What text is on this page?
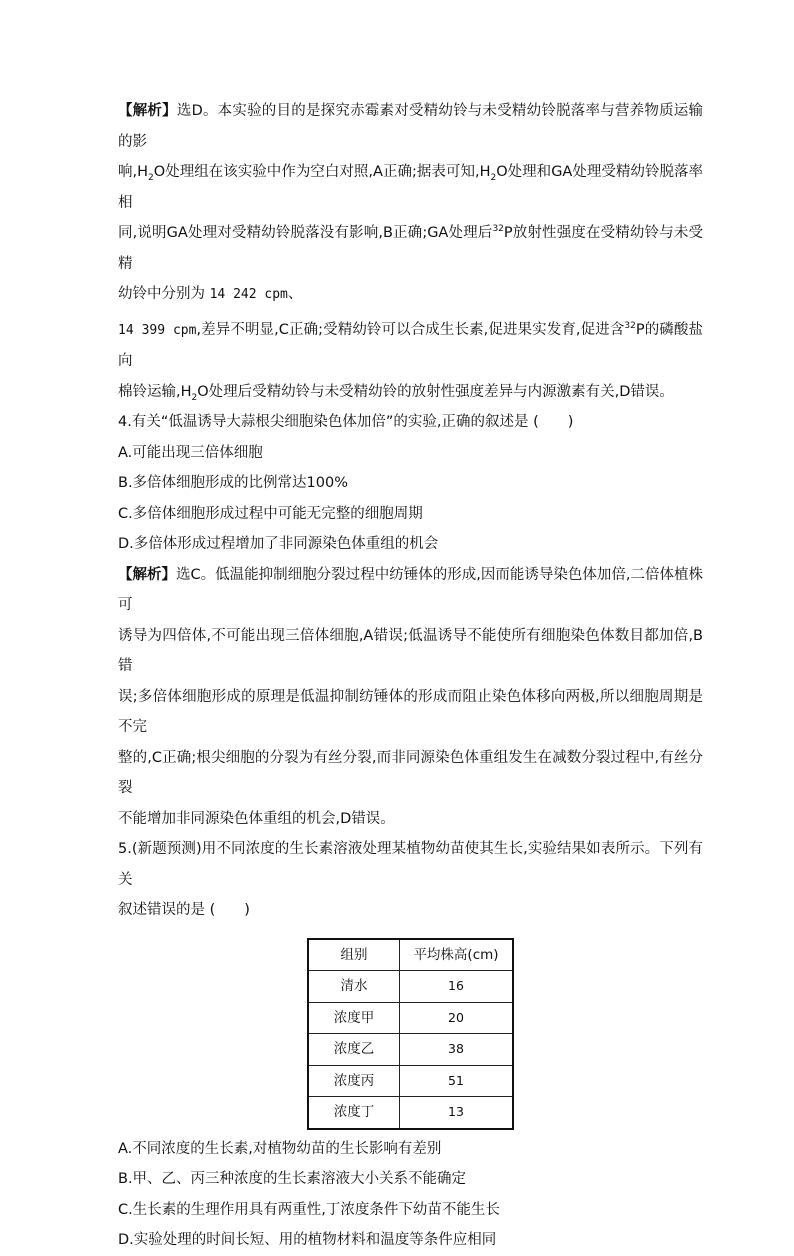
【解析】选D。本实验的目的是探究赤霉素对受精幼铃与未受精幼铃脱落率与营养物质运输的影

响$,H_2O$处理组在该实验中作为空白对照,A正确;据表可知$,H_2O$处理和GA处理受精幼铃脱落率相

同,说明GA处理对受精幼铃脱落没有影响,B正确;GA处理后$^{32}$P放射性强度在受精幼铃与未受精

幼铃中分别为 14 242 cpm、

14 399 cpm,差异不明显,C正确;受精幼铃可以合成生长素,促进果实发育,促进含$^{32}$P的磷酸盐向

棉铃运输$,H_2O$处理后受精幼铃与未受精幼铃的放射性强度差异与内源激素有关,D错误。

4.有关“低温诱导大蒜根尖细胞染色体加倍”的实验,正确的叙述是 (　　)

A.可能出现三倍体细胞

B.多倍体细胞形成的比例常达100%

C.多倍体细胞形成过程中可能无完整的细胞周期

D.多倍体形成过程增加了非同源染色体重组的机会

【解析】选C。低温能抑制细胞分裂过程中纺锤体的形成,因而能诱导染色体加倍,二倍体植株可

诱导为四倍体,不可能出现三倍体细胞,A错误;低温诱导不能使所有细胞染色体数目都加倍,B错

误;多倍体细胞形成的原理是低温抑制纺锤体的形成而阻止染色体移向两极,所以细胞周期是不完

整的,C正确;根尖细胞的分裂为有丝分裂,而非同源染色体重组发生在减数分裂过程中,有丝分裂

不能增加非同源染色体重组的机会,D错误。

5.(新题预测)用不同浓度的生长素溶液处理某植物幼苗使其生长,实验结果如表所示。下列有关

叙述错误的是 (　　)

组别	平均株高(cm)
清水	16
浓度甲	20
浓度乙	38
浓度丙	51
浓度丁	13

A.不同浓度的生长素,对植物幼苗的生长影响有差别

B.甲、乙、丙三种浓度的生长素溶液大小关系不能确定

C.生长素的生理作用具有两重性,丁浓度条件下幼苗不能生长

D.实验处理的时间长短、用的植物材料和温度等条件应相同
